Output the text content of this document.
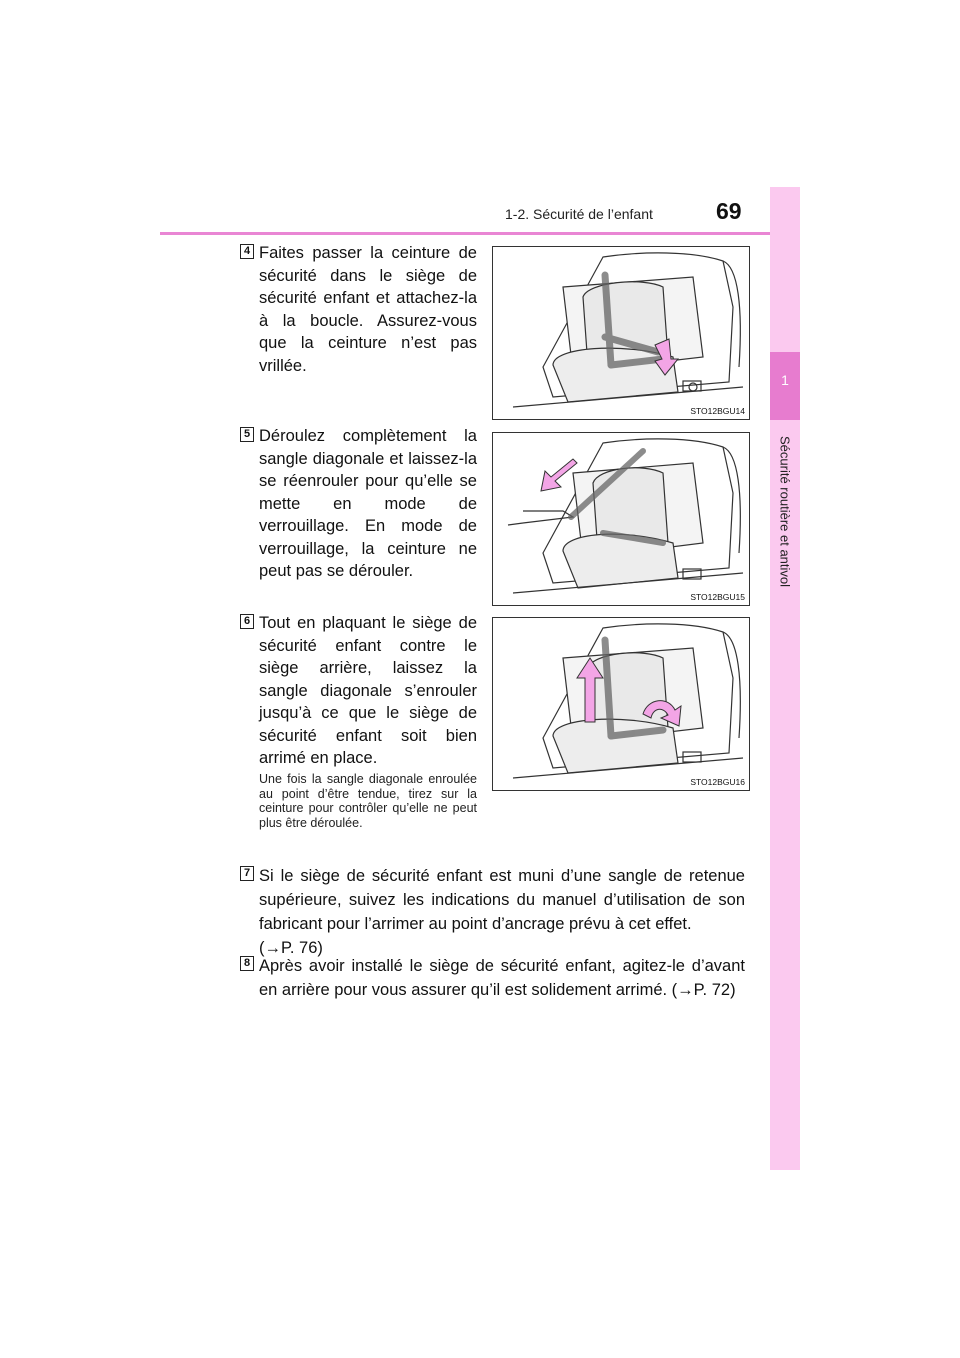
1-2. Sécurité de l’enfant	69
1
Sécurité routière et antivol
4 Faites passer la ceinture de sécurité dans le siège de sécurité enfant et attachez-la à la boucle. Assurez-vous que la ceinture n’est pas vrillée.
STO12BGU14
5 Déroulez complètement la sangle diagonale et laissez-la se réenrouler pour qu’elle se mette en mode de verrouillage. En mode de verrouillage, la ceinture ne peut pas se dérouler.
STO12BGU15
6 Tout en plaquant le siège de sécurité enfant contre le siège arrière, laissez la sangle diagonale s’enrouler jusqu’à ce que le siège de sécurité enfant soit bien arrimé en place.
Une fois la sangle diagonale enroulée au point d’être tendue, tirez sur la ceinture pour contrôler qu’elle ne peut plus être déroulée.
STO12BGU16
7 Si le siège de sécurité enfant est muni d’une sangle de retenue supérieure, suivez les indications du manuel d’utilisation de son fabricant pour l’arrimer au point d’ancrage prévu à cet effet.
(→P. 76)
8 Après avoir installé le siège de sécurité enfant, agitez-le d’avant en arrière pour vous assurer qu’il est solidement arrimé. (→P. 72)
